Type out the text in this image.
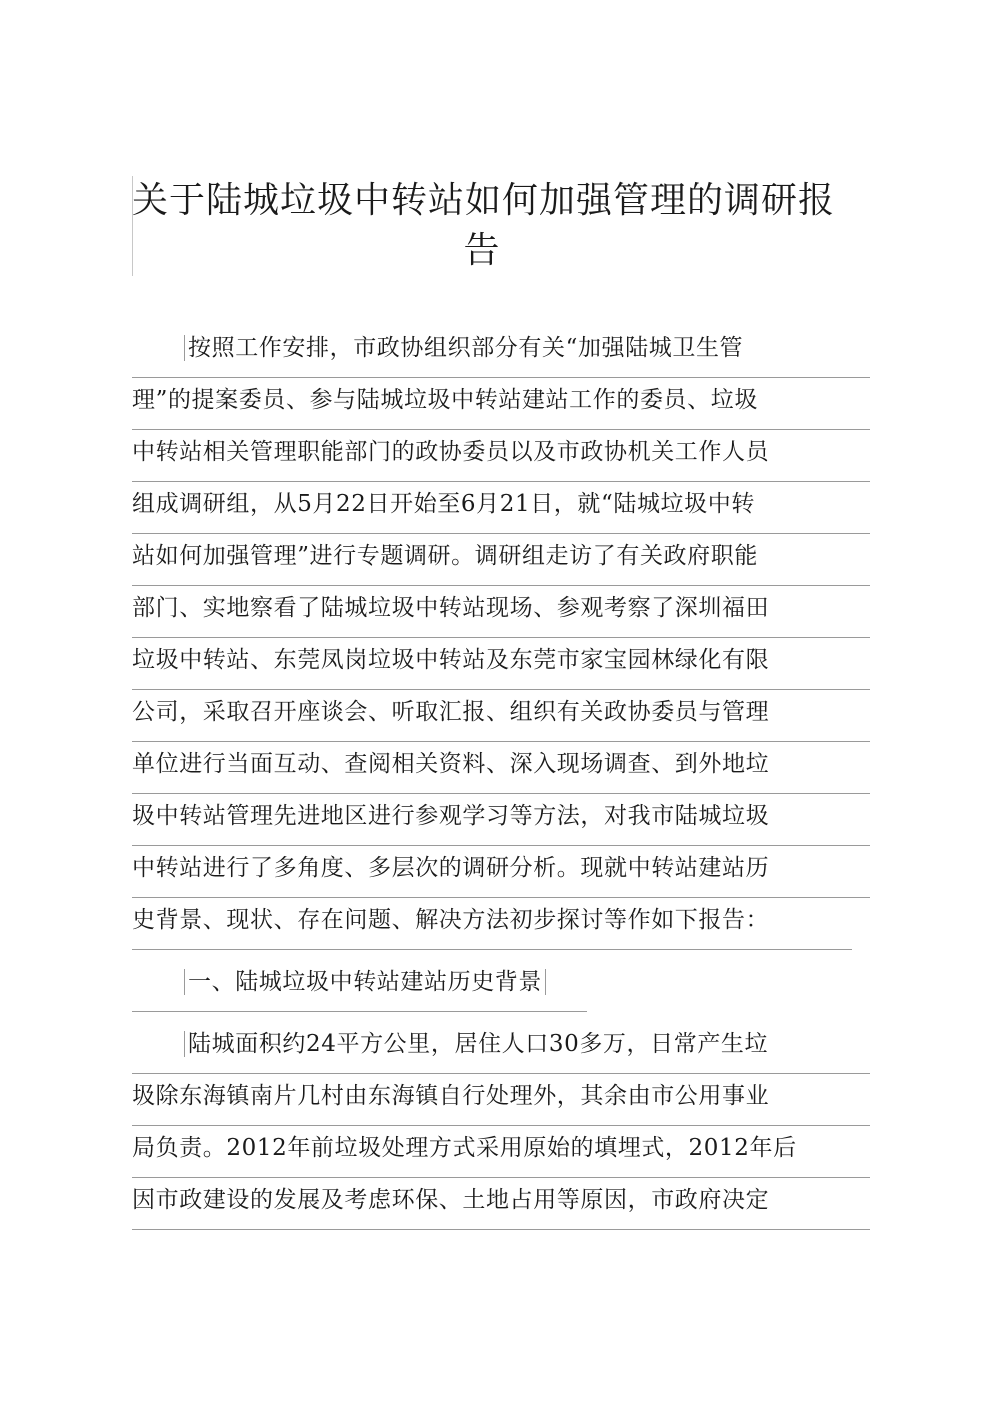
关于陆城垃圾中转站如何加强管理的调研报
告
按照工作安排，市政协组织部分有关“加强陆城卫生管
理”的提案委员、参与陆城垃圾中转站建站工作的委员、垃圾
中转站相关管理职能部门的政协委员以及市政协机关工作人员
组成调研组，从5月22日开始至6月21日，就“陆城垃圾中转
站如何加强管理”进行专题调研。调研组走访了有关政府职能
部门、实地察看了陆城垃圾中转站现场、参观考察了深圳福田
垃圾中转站、东莞凤岗垃圾中转站及东莞市家宝园林绿化有限
公司，采取召开座谈会、听取汇报、组织有关政协委员与管理
单位进行当面互动、查阅相关资料、深入现场调查、到外地垃
圾中转站管理先进地区进行参观学习等方法，对我市陆城垃圾
中转站进行了多角度、多层次的调研分析。现就中转站建站历
史背景、现状、存在问题、解决方法初步探讨等作如下报告：
一、陆城垃圾中转站建站历史背景
陆城面积约24平方公里，居住人口30多万，日常产生垃
圾除东海镇南片几村由东海镇自行处理外，其余由市公用事业
局负责。2012年前垃圾处理方式采用原始的填埋式，2012年后
因市政建设的发展及考虑环保、土地占用等原因，市政府决定
